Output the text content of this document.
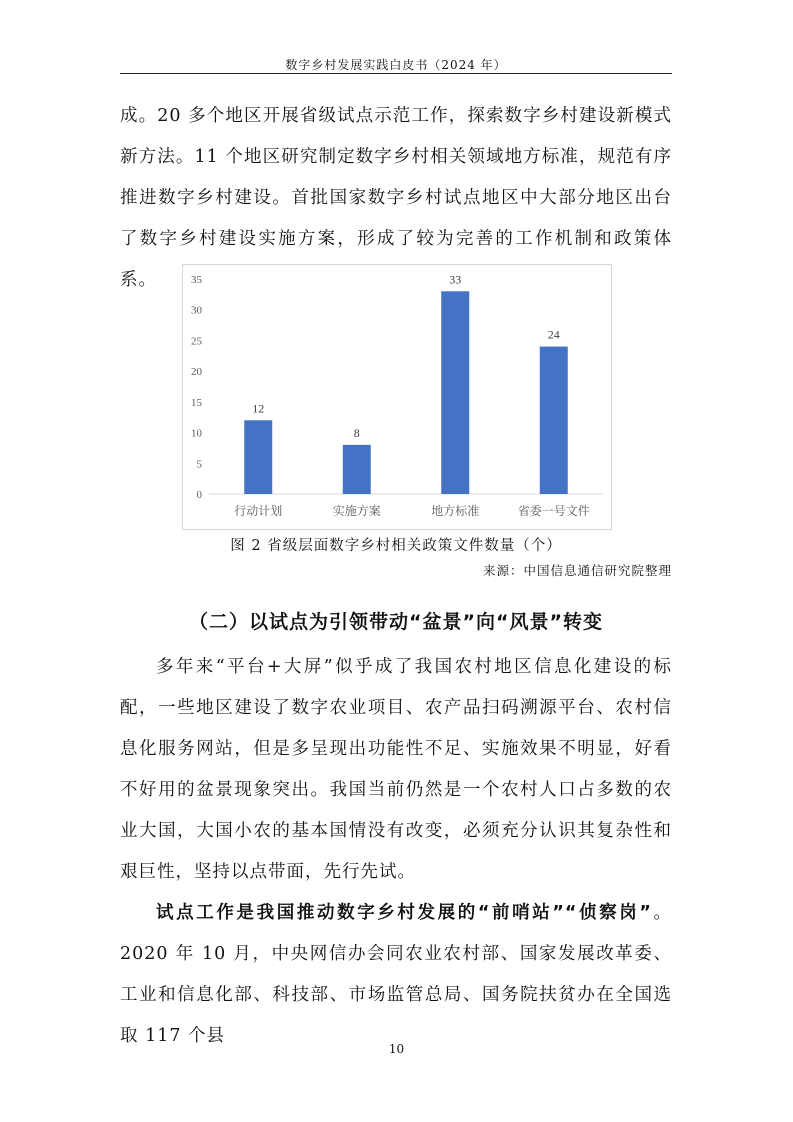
数字乡村发展实践白皮书（2024 年）

成。20 多个地区开展省级试点示范工作，探索数字乡村建设新模式新方法。11 个地区研究制定数字乡村相关领域地方标准，规范有序推进数字乡村建设。首批国家数字乡村试点地区中大部分地区出台了数字乡村建设实施方案，形成了较为完善的工作机制和政策体系。

0
5
10
15
20
25
30
35
12
行动计划
8
实施方案
33
地方标准
24
省委一号文件
图 2 省级层面数字乡村相关政策文件数量（个）
来源：中国信息通信研究院整理
（二）以试点为引领带动“盆景”向“风景”转变

多年来“平台+大屏”似乎成了我国农村地区信息化建设的标配，一些地区建设了数字农业项目、农产品扫码溯源平台、农村信息化服务网站，但是多呈现出功能性不足、实施效果不明显，好看不好用的盆景现象突出。我国当前仍然是一个农村人口占多数的农业大国，大国小农的基本国情没有改变，必须充分认识其复杂性和艰巨性，坚持以点带面，先行先试。

试点工作是我国推动数字乡村发展的“前哨站”“侦察岗”。2020 年 10 月，中央网信办会同农业农村部、国家发展改革委、工业和信息化部、科技部、市场监管总局、国务院扶贫办在全国选取 117 个县

10
